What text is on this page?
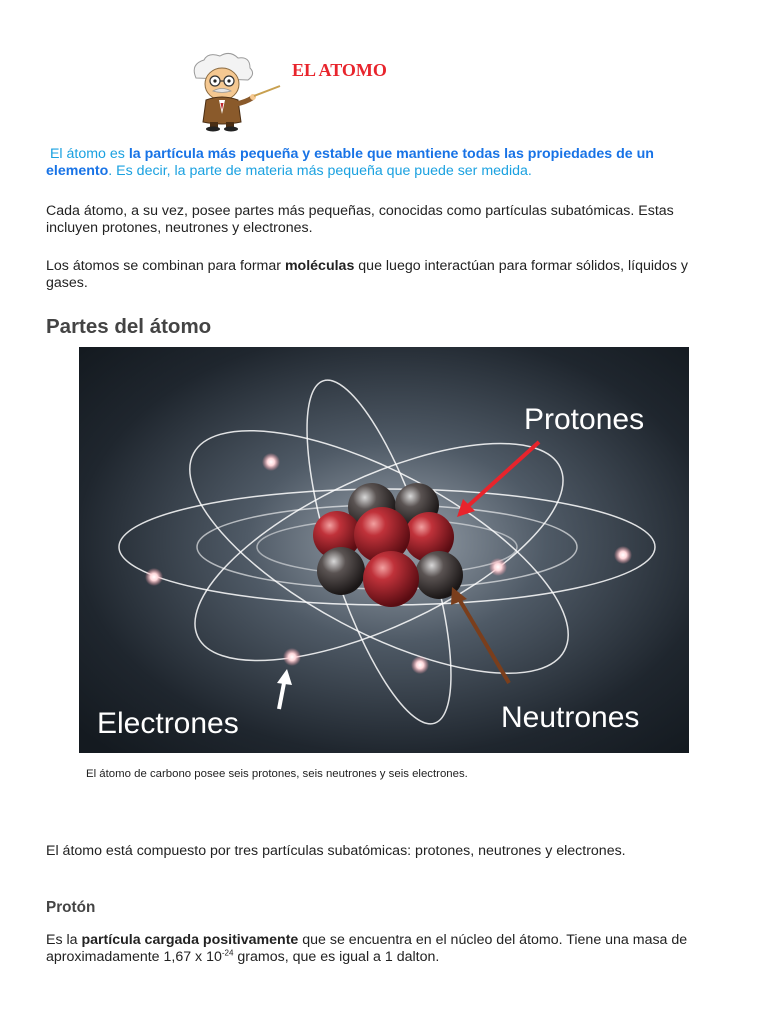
EL ATOMO
El átomo es la partícula más pequeña y estable que mantiene todas las propiedades de un elemento. Es decir, la parte de materia más pequeña que puede ser medida.
Cada átomo, a su vez, posee partes más pequeñas, conocidas como partículas subatómicas. Estas incluyen protones, neutrones y electrones.
Los átomos se combinan para formar moléculas que luego interactúan para formar sólidos, líquidos y gases.
Partes del átomo
Protones
Electrones	Neutrones
El átomo de carbono posee seis protones, seis neutrones y seis electrones.
El átomo está compuesto por tres partículas subatómicas: protones, neutrones y electrones.
Protón
Es la partícula cargada positivamente que se encuentra en el núcleo del átomo. Tiene una masa de aproximadamente 1,67 x $10^{-24}$ gramos, que es igual a 1 dalton.
